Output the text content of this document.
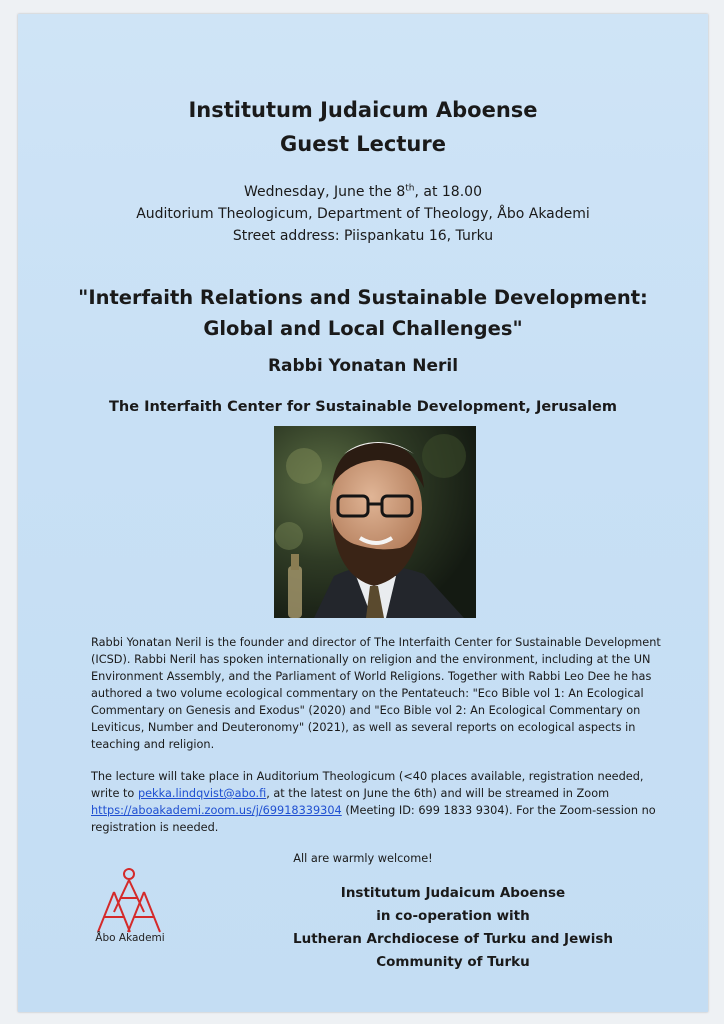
Institutum Judaicum Aboense
Guest Lecture
Wednesday, June the 8th, at 18.00
Auditorium Theologicum, Department of Theology, Åbo Akademi
Street address: Piispankatu 16, Turku
"Interfaith Relations and Sustainable Development:
Global and Local Challenges"
Rabbi Yonatan Neril
The Interfaith Center for Sustainable Development, Jerusalem
Rabbi Yonatan Neril is the founder and director of The Interfaith Center for Sustainable Development
(ICSD). Rabbi Neril has spoken internationally on religion and the environment, including at the UN
Environment Assembly, and the Parliament of World Religions. Together with Rabbi Leo Dee he has
authored a two volume ecological commentary on the Pentateuch: "Eco Bible vol 1: An Ecological
Commentary on Genesis and Exodus" (2020) and "Eco Bible vol 2: An Ecological Commentary on
Leviticus, Number and Deuteronomy" (2021), as well as several reports on ecological aspects in
teaching and religion.
The lecture will take place in Auditorium Theologicum (<40 places available, registration needed,
write to pekka.lindqvist@abo.fi, at the latest on June the 6th) and will be streamed in Zoom
https://aboakademi.zoom.us/j/69918339304 (Meeting ID: 699 1833 9304). For the Zoom-session no
registration is needed.
All are warmly welcome!
Åbo Akademi
Institutum Judaicum Aboense
in co-operation with
Lutheran Archdiocese of Turku and Jewish Community of Turku
